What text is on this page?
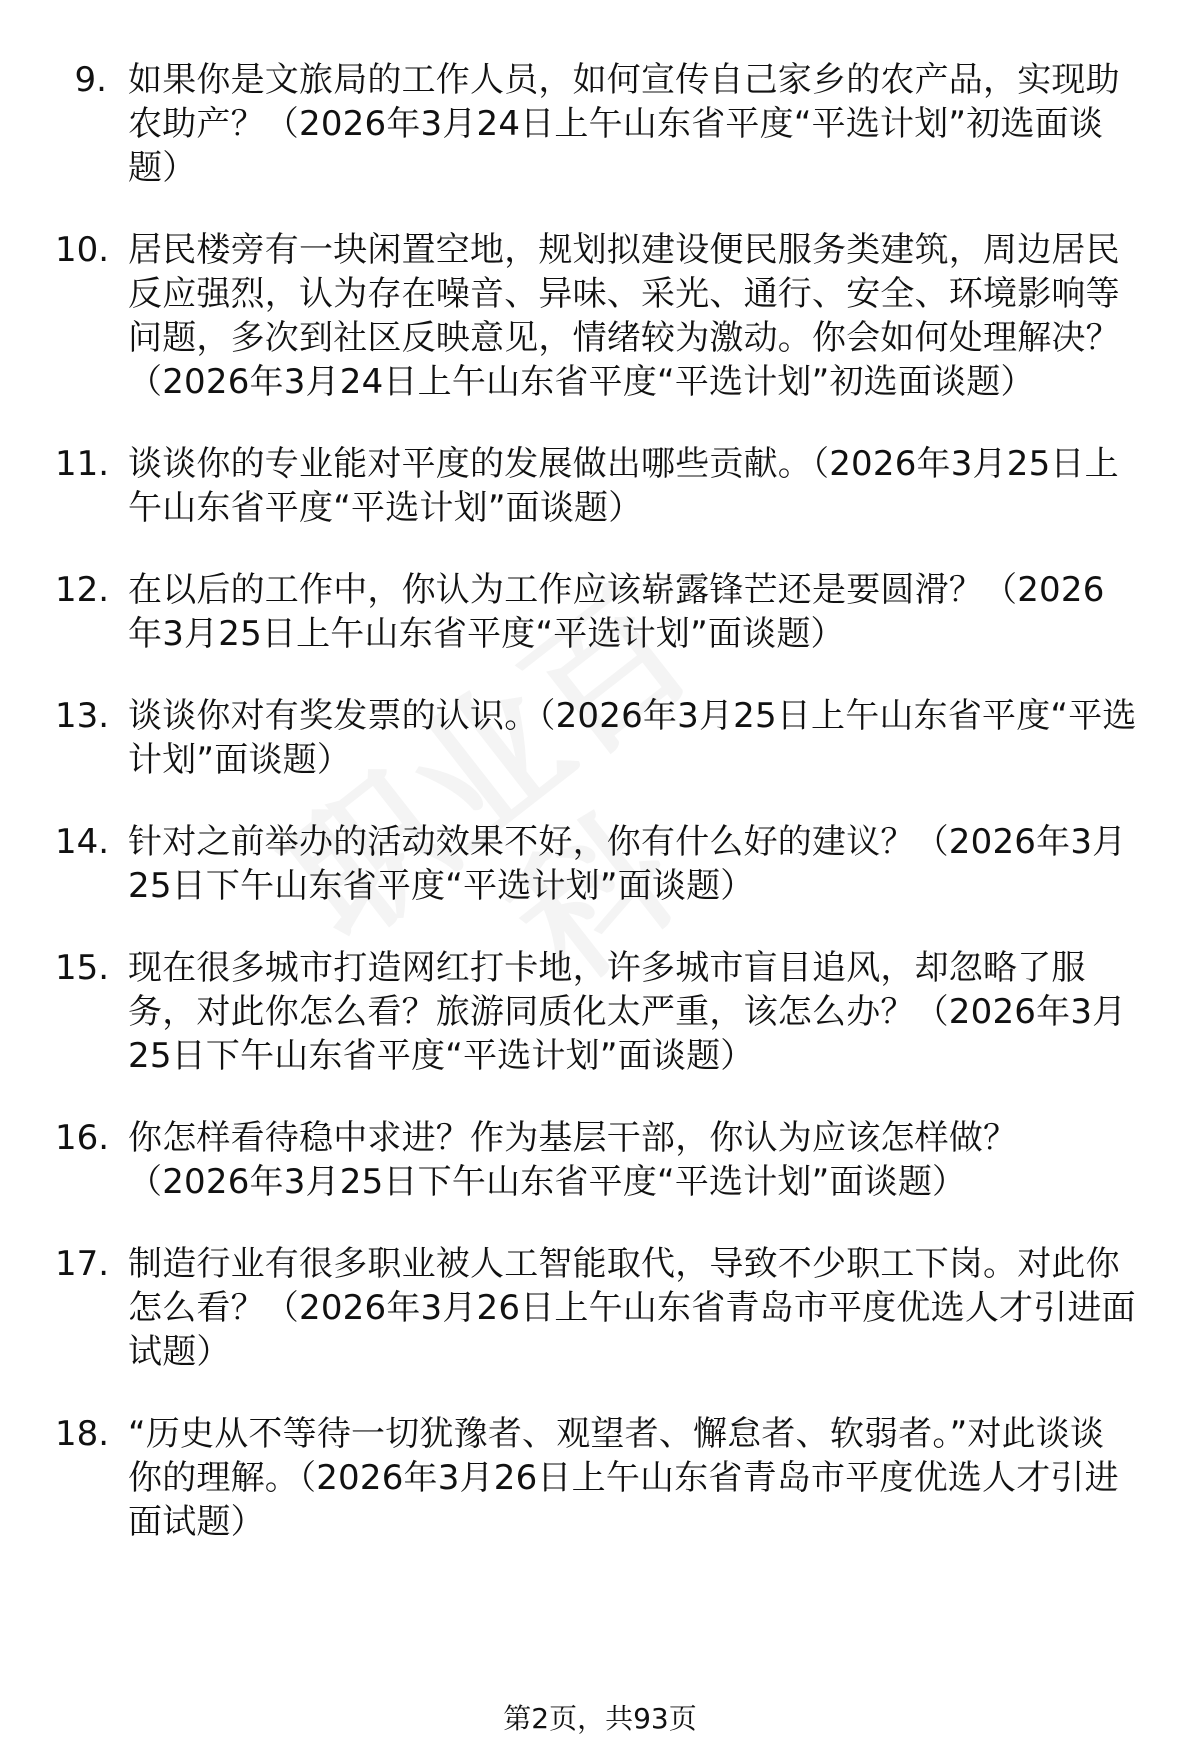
9. 如果你是文旅局的工作人员，如何宣传自己家乡的农产品，实现助农助产？（2026年3月24日上午山东省平度“平选计划”初选面谈题）
10. 居民楼旁有一块闲置空地，规划拟建设便民服务类建筑，周边居民反应强烈，认为存在噪音、异味、采光、通行、安全、环境影响等问题，多次到社区反映意见，情绪较为激动。你会如何处理解决？（2026年3月24日上午山东省平度“平选计划”初选面谈题）
11. 谈谈你的专业能对平度的发展做出哪些贡献。（2026年3月25日上午山东省平度“平选计划”面谈题）
12. 在以后的工作中，你认为工作应该崭露锋芒还是要圆滑？（2026年3月25日上午山东省平度“平选计划”面谈题）
13. 谈谈你对有奖发票的认识。（2026年3月25日上午山东省平度“平选计划”面谈题）
14. 针对之前举办的活动效果不好，你有什么好的建议？（2026年3月25日下午山东省平度“平选计划”面谈题）
15. 现在很多城市打造网红打卡地，许多城市盲目追风，却忽略了服务，对此你怎么看？旅游同质化太严重，该怎么办？（2026年3月25日下午山东省平度“平选计划”面谈题）
16. 你怎样看待稳中求进？作为基层干部，你认为应该怎样做？（2026年3月25日下午山东省平度“平选计划”面谈题）
17. 制造行业有很多职业被人工智能取代，导致不少职工下岗。对此你怎么看？（2026年3月26日上午山东省青岛市平度优选人才引进面试题）
18. “历史从不等待一切犹豫者、观望者、懈怠者、软弱者。”对此谈谈你的理解。（2026年3月26日上午山东省青岛市平度优选人才引进面试题）
第2页，共93页
